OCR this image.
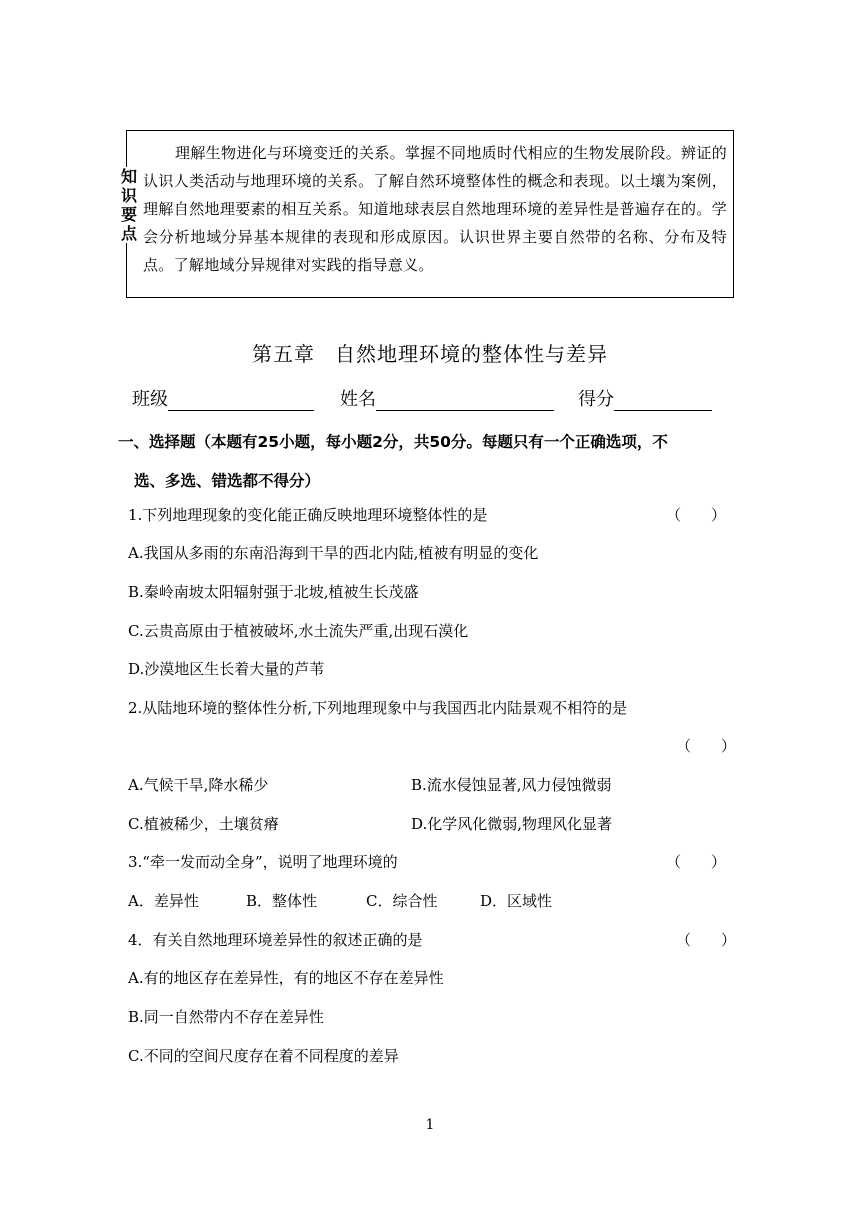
知
识
要
点
理解生物进化与环境变迁的关系。掌握不同地质时代相应的生物发展阶段。辨证的认识人类活动与地理环境的关系。了解自然环境整体性的概念和表现。以土壤为案例，理解自然地理要素的相互关系。知道地球表层自然地理环境的差异性是普遍存在的。学会分析地域分异基本规律的表现和形成原因。认识世界主要自然带的名称、分布及特点。了解地域分异规律对实践的指导意义。
第五章 自然地理环境的整体性与差异
班级	姓名	得分
一、选择题（本题有25小题，每小题2分，共50分。每题只有一个正确选项，不
选、多选、错选都不得分）
1.下列地理现象的变化能正确反映地理环境整体性的是	（　　）
A.我国从多雨的东南沿海到干旱的西北内陆,植被有明显的变化
B.秦岭南坡太阳辐射强于北坡,植被生长茂盛
C.云贵高原由于植被破坏,水土流失严重,出现石漠化
D.沙漠地区生长着大量的芦苇
2.从陆地环境的整体性分析,下列地理现象中与我国西北内陆景观不相符的是
（　　）
A.气候干旱,降水稀少	B.流水侵蚀显著,风力侵蚀微弱
C.植被稀少，土壤贫瘠	D.化学风化微弱,物理风化显著
3.“牵一发而动全身”，说明了地理环境的	（　　）
A．差异性	B．整体性	C．综合性	D．区域性
4．有关自然地理环境差异性的叙述正确的是	（　　）
A.有的地区存在差异性，有的地区不存在差异性
B.同一自然带内不存在差异性
C.不同的空间尺度存在着不同程度的差异
1
